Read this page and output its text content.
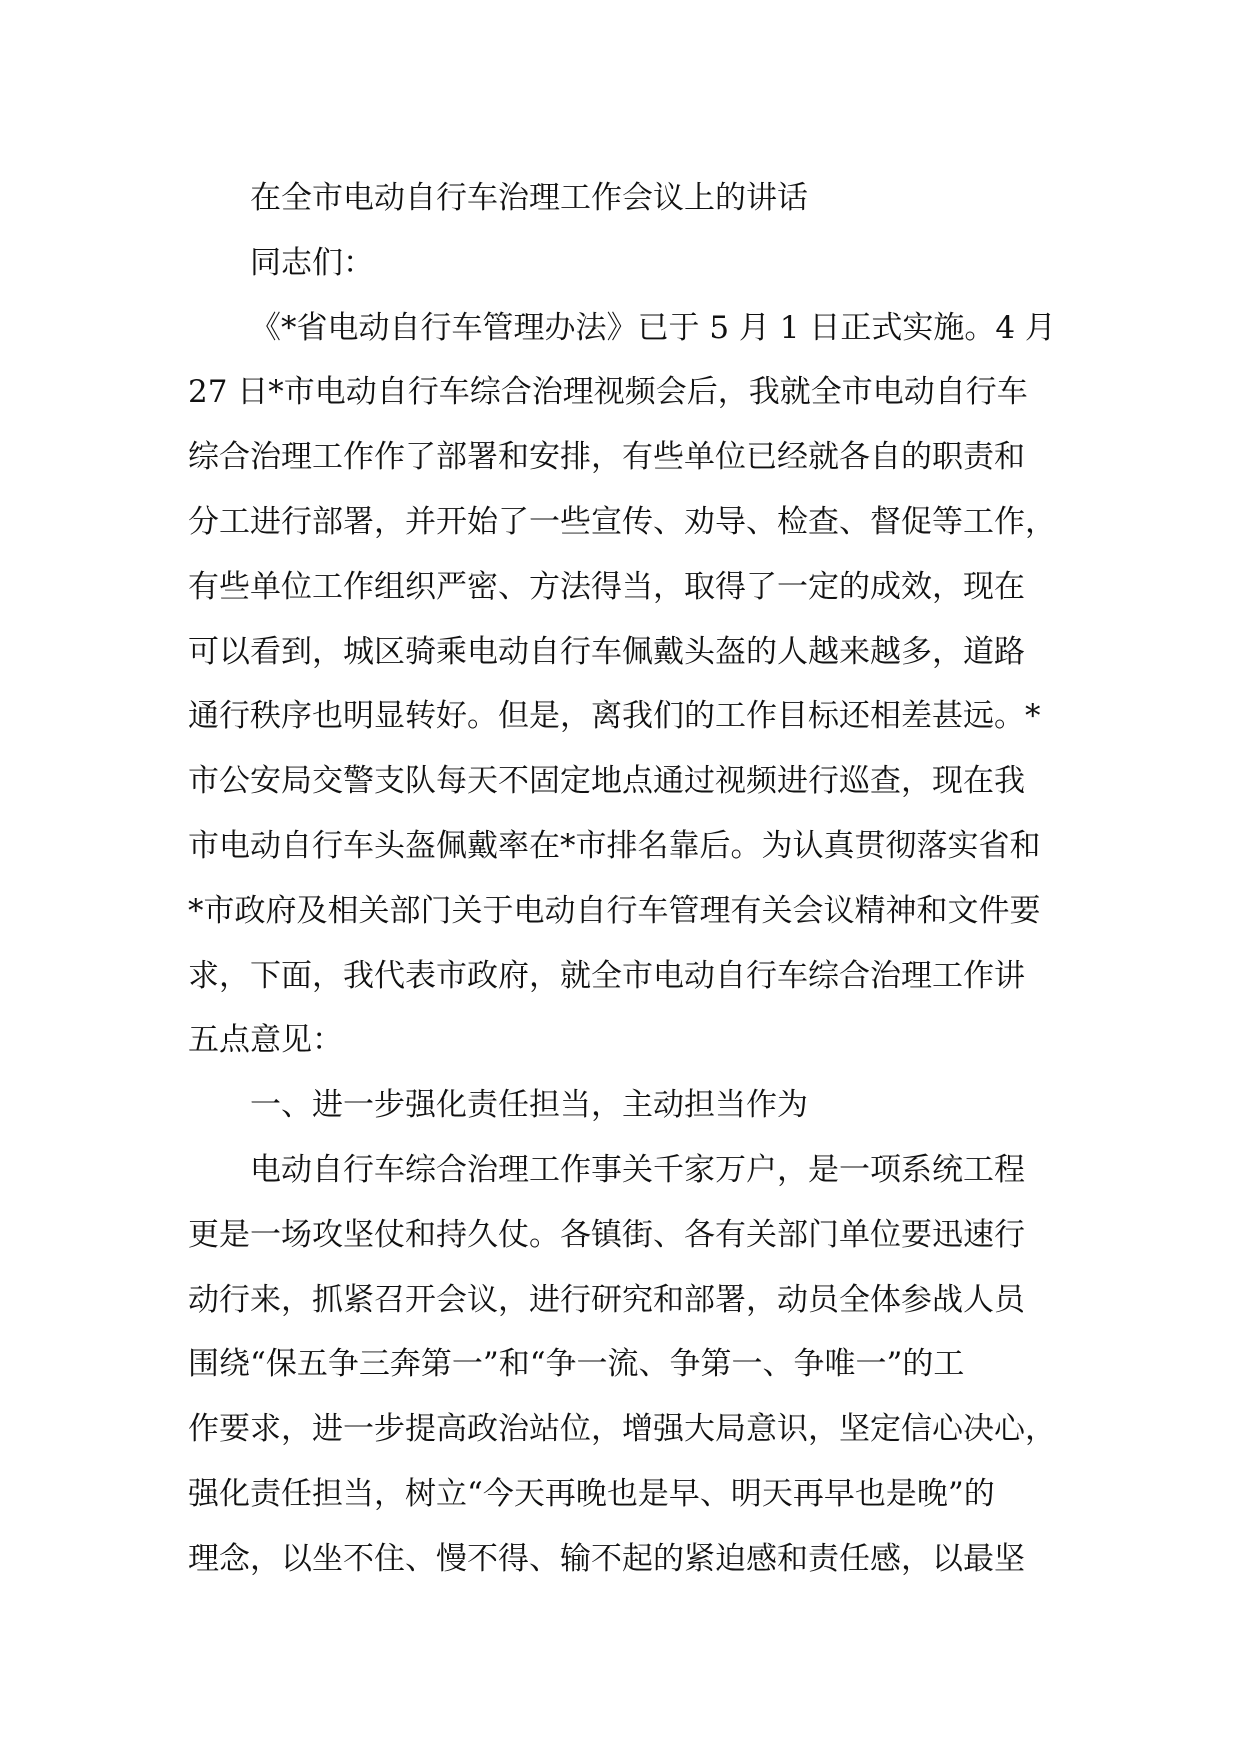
在全市电动自行车治理工作会议上的讲话
同志们：
《*省电动自行车管理办法》已于 5 月 1 日正式实施。4 月
27 日*市电动自行车综合治理视频会后，我就全市电动自行车
综合治理工作作了部署和安排，有些单位已经就各自的职责和
分工进行部署，并开始了一些宣传、劝导、检查、督促等工作，
有些单位工作组织严密、方法得当，取得了一定的成效，现在
可以看到，城区骑乘电动自行车佩戴头盔的人越来越多，道路
通行秩序也明显转好。但是，离我们的工作目标还相差甚远。*
市公安局交警支队每天不固定地点通过视频进行巡查，现在我
市电动自行车头盔佩戴率在*市排名靠后。为认真贯彻落实省和
*市政府及相关部门关于电动自行车管理有关会议精神和文件要
求，下面，我代表市政府，就全市电动自行车综合治理工作讲
五点意见：
一、进一步强化责任担当，主动担当作为
电动自行车综合治理工作事关千家万户，是一项系统工程
更是一场攻坚仗和持久仗。各镇街、各有关部门单位要迅速行
动行来，抓紧召开会议，进行研究和部署，动员全体参战人员
围绕“保五争三奔第一”和“争一流、争第一、争唯一”的工
作要求，进一步提高政治站位，增强大局意识，坚定信心决心，
强化责任担当，树立“今天再晚也是早、明天再早也是晚”的
理念，以坐不住、慢不得、输不起的紧迫感和责任感，以最坚
